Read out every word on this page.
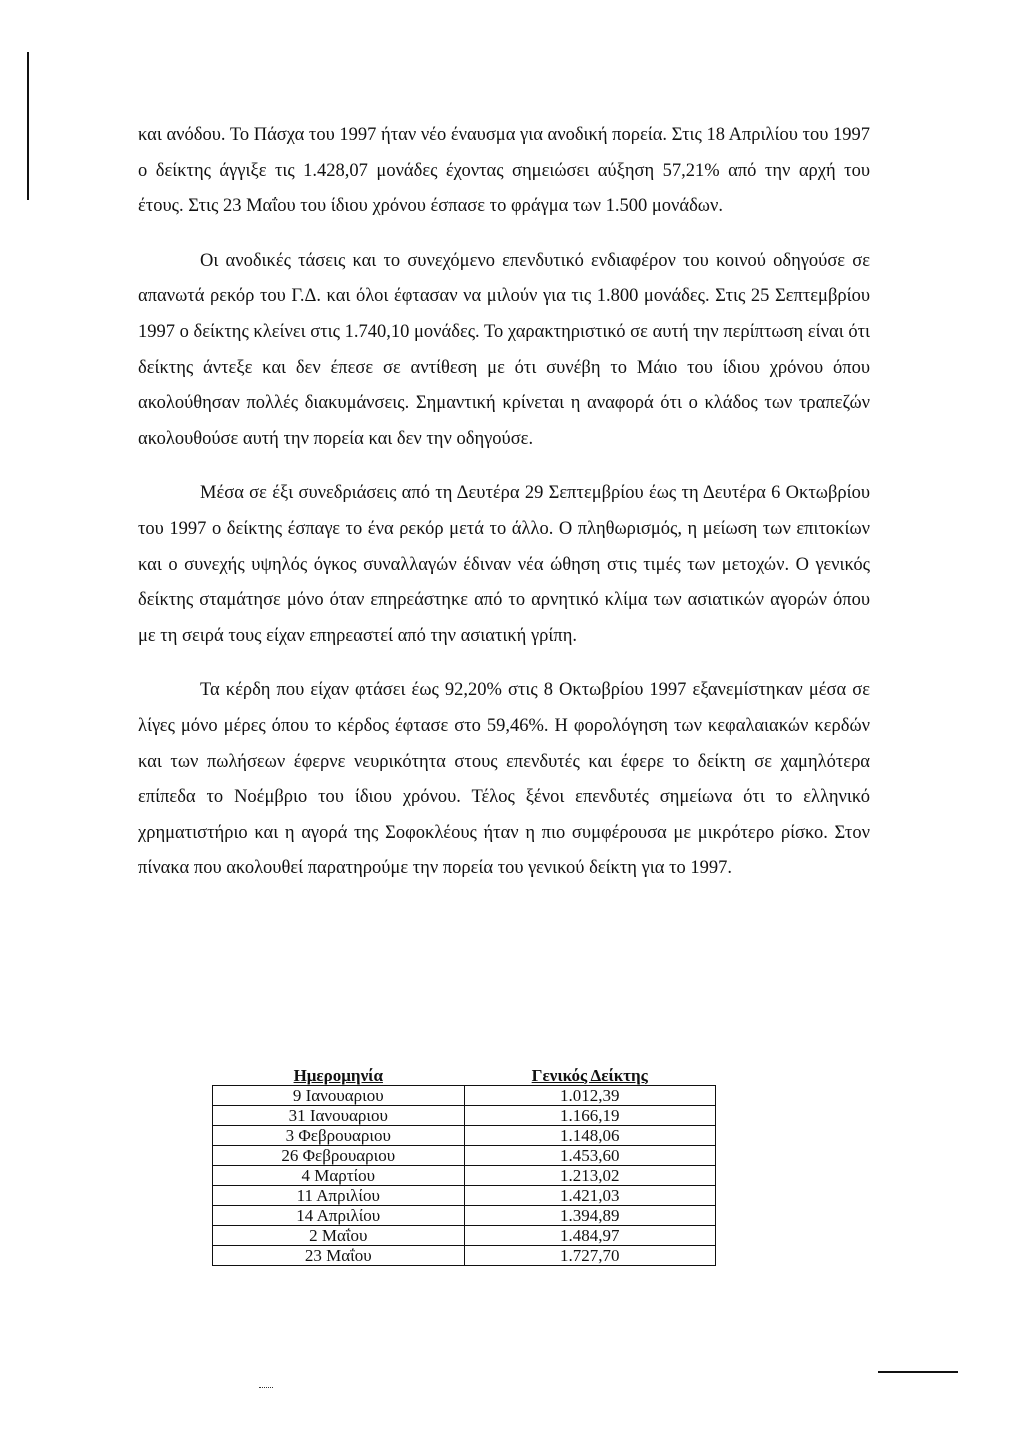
και ανόδου. Το Πάσχα του 1997 ήταν νέο έναυσμα για ανοδική πορεία. Στις 18 Απριλίου του 1997 ο δείκτης άγγιξε τις 1.428,07 μονάδες έχοντας σημειώσει αύξηση 57,21% από την αρχή του έτους. Στις 23 Μαΐου του ίδιου χρόνου έσπασε το φράγμα των 1.500 μονάδων.

Οι ανοδικές τάσεις και το συνεχόμενο επενδυτικό ενδιαφέρον του κοινού οδηγούσε σε απανωτά ρεκόρ του Γ.Δ. και όλοι έφτασαν να μιλούν για τις 1.800 μονάδες. Στις 25 Σεπτεμβρίου 1997 ο δείκτης κλείνει στις 1.740,10 μονάδες. Το χαρακτηριστικό σε αυτή την περίπτωση είναι ότι δείκτης άντεξε και δεν έπεσε σε αντίθεση με ότι συνέβη το Μάιο του ίδιου χρόνου όπου ακολούθησαν πολλές διακυμάνσεις. Σημαντική κρίνεται η αναφορά ότι ο κλάδος των τραπεζών ακολουθούσε αυτή την πορεία και δεν την οδηγούσε.

Μέσα σε έξι συνεδριάσεις από τη Δευτέρα 29 Σεπτεμβρίου έως τη Δευτέρα 6 Οκτωβρίου του 1997 ο δείκτης έσπαγε το ένα ρεκόρ μετά το άλλο. Ο πληθωρισμός, η μείωση των επιτοκίων και ο συνεχής υψηλός όγκος συναλλαγών έδιναν νέα ώθηση στις τιμές των μετοχών. Ο γενικός δείκτης σταμάτησε μόνο όταν επηρεάστηκε από το αρνητικό κλίμα των ασιατικών αγορών όπου με τη σειρά τους είχαν επηρεαστεί από την ασιατική γρίπη.

Τα κέρδη που είχαν φτάσει έως 92,20% στις 8 Οκτωβρίου 1997 εξανεμίστηκαν μέσα σε λίγες μόνο μέρες όπου το κέρδος έφτασε στο 59,46%. Η φορολόγηση των κεφαλαιακών κερδών και των πωλήσεων έφερνε νευρικότητα στους επενδυτές και έφερε το δείκτη σε χαμηλότερα επίπεδα το Νοέμβριο του ίδιου χρόνου. Τέλος ξένοι επενδυτές σημείωνα ότι το ελληνικό χρηματιστήριο και η αγορά της Σοφοκλέους ήταν η πιο συμφέρουσα με μικρότερο ρίσκο. Στον πίνακα που ακολουθεί παρατηρούμε την πορεία του γενικού δείκτη για το 1997.

Ημερομηνία	Γενικός Δείκτης
9 Ιανουαριου	1.012,39
31 Ιανουαριου	1.166,19
3 Φεβρουαριου	1.148,06
26 Φεβρουαριου	1.453,60
4 Μαρτίου	1.213,02
11 Απριλίου	1.421,03
14 Απριλίου	1.394,89
2 Μαΐου	1.484,97
23 Μαΐου	1.727,70
